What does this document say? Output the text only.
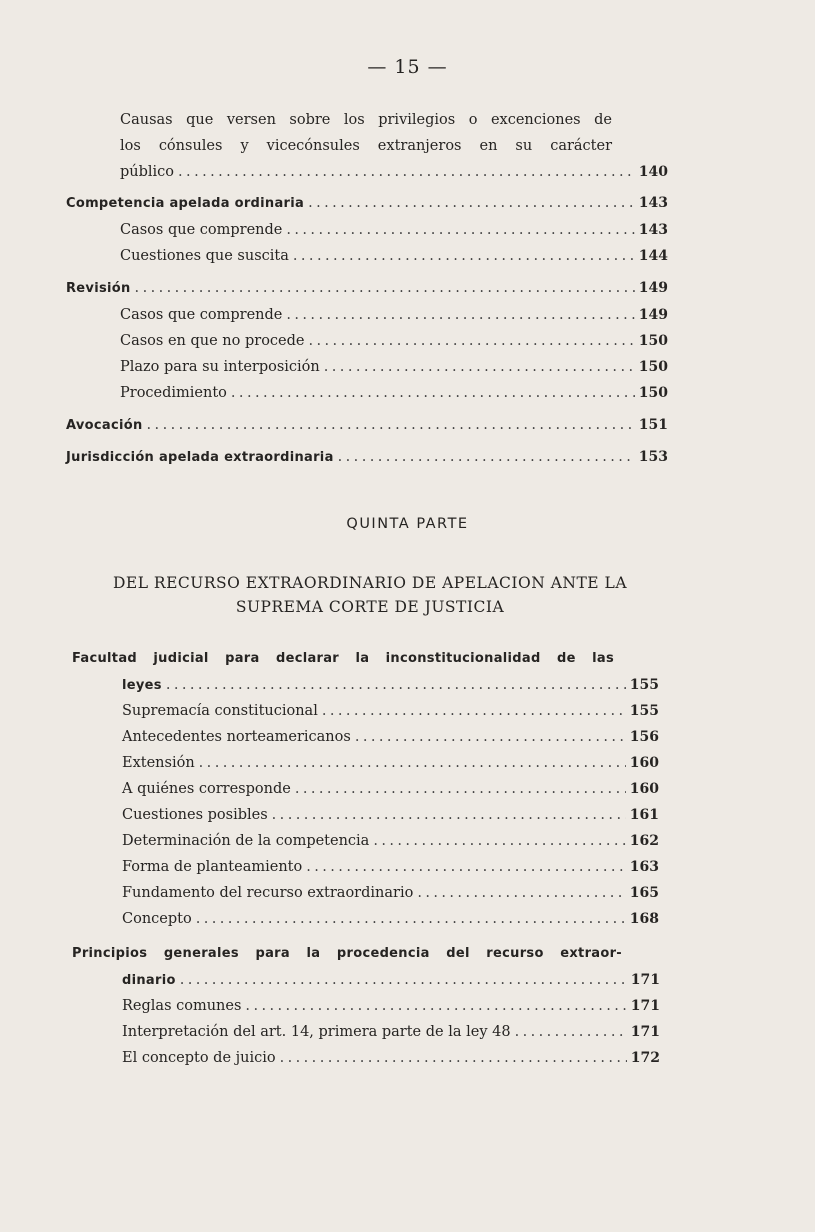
— 15 —
Causas que versen sobre los privilegios o excenciones de
los cónsules y vicecónsules extranjeros en su carácter
público . . .	140
Competencia apelada ordinaria . . .	143
Casos que comprende . . .	143
Cuestiones que suscita . . .	144
Revisión . . .	149
Casos que comprende . . .	149
Casos en que no procede . . .	150
Plazo para su interposición . . .	150
Procedimiento . . .	150
Avocación . . .	151
Jurisdicción apelada extraordinaria . . .	153
QUINTA PARTE
DEL RECURSO EXTRAORDINARIO DE APELACION ANTE LA
SUPREMA CORTE DE JUSTICIA
Facultad judicial para declarar la inconstitucionalidad de las
leyes . . .	155
Supremacía constitucional . . .	155
Antecedentes norteamericanos . . .	156
Extensión . . .	160
A quiénes corresponde . . .	160
Cuestiones posibles . . .	161
Determinación de la competencia . . .	162
Forma de planteamiento . . .	163
Fundamento del recurso extraordinario . . .	165
Concepto . . .	168
Principios generales para la procedencia del recurso extraor-
dinario . . .	171
Reglas comunes . . .	171
Interpretación del art. 14, primera parte de la ley 48 . . .	171
El concepto de juicio . . .	172
